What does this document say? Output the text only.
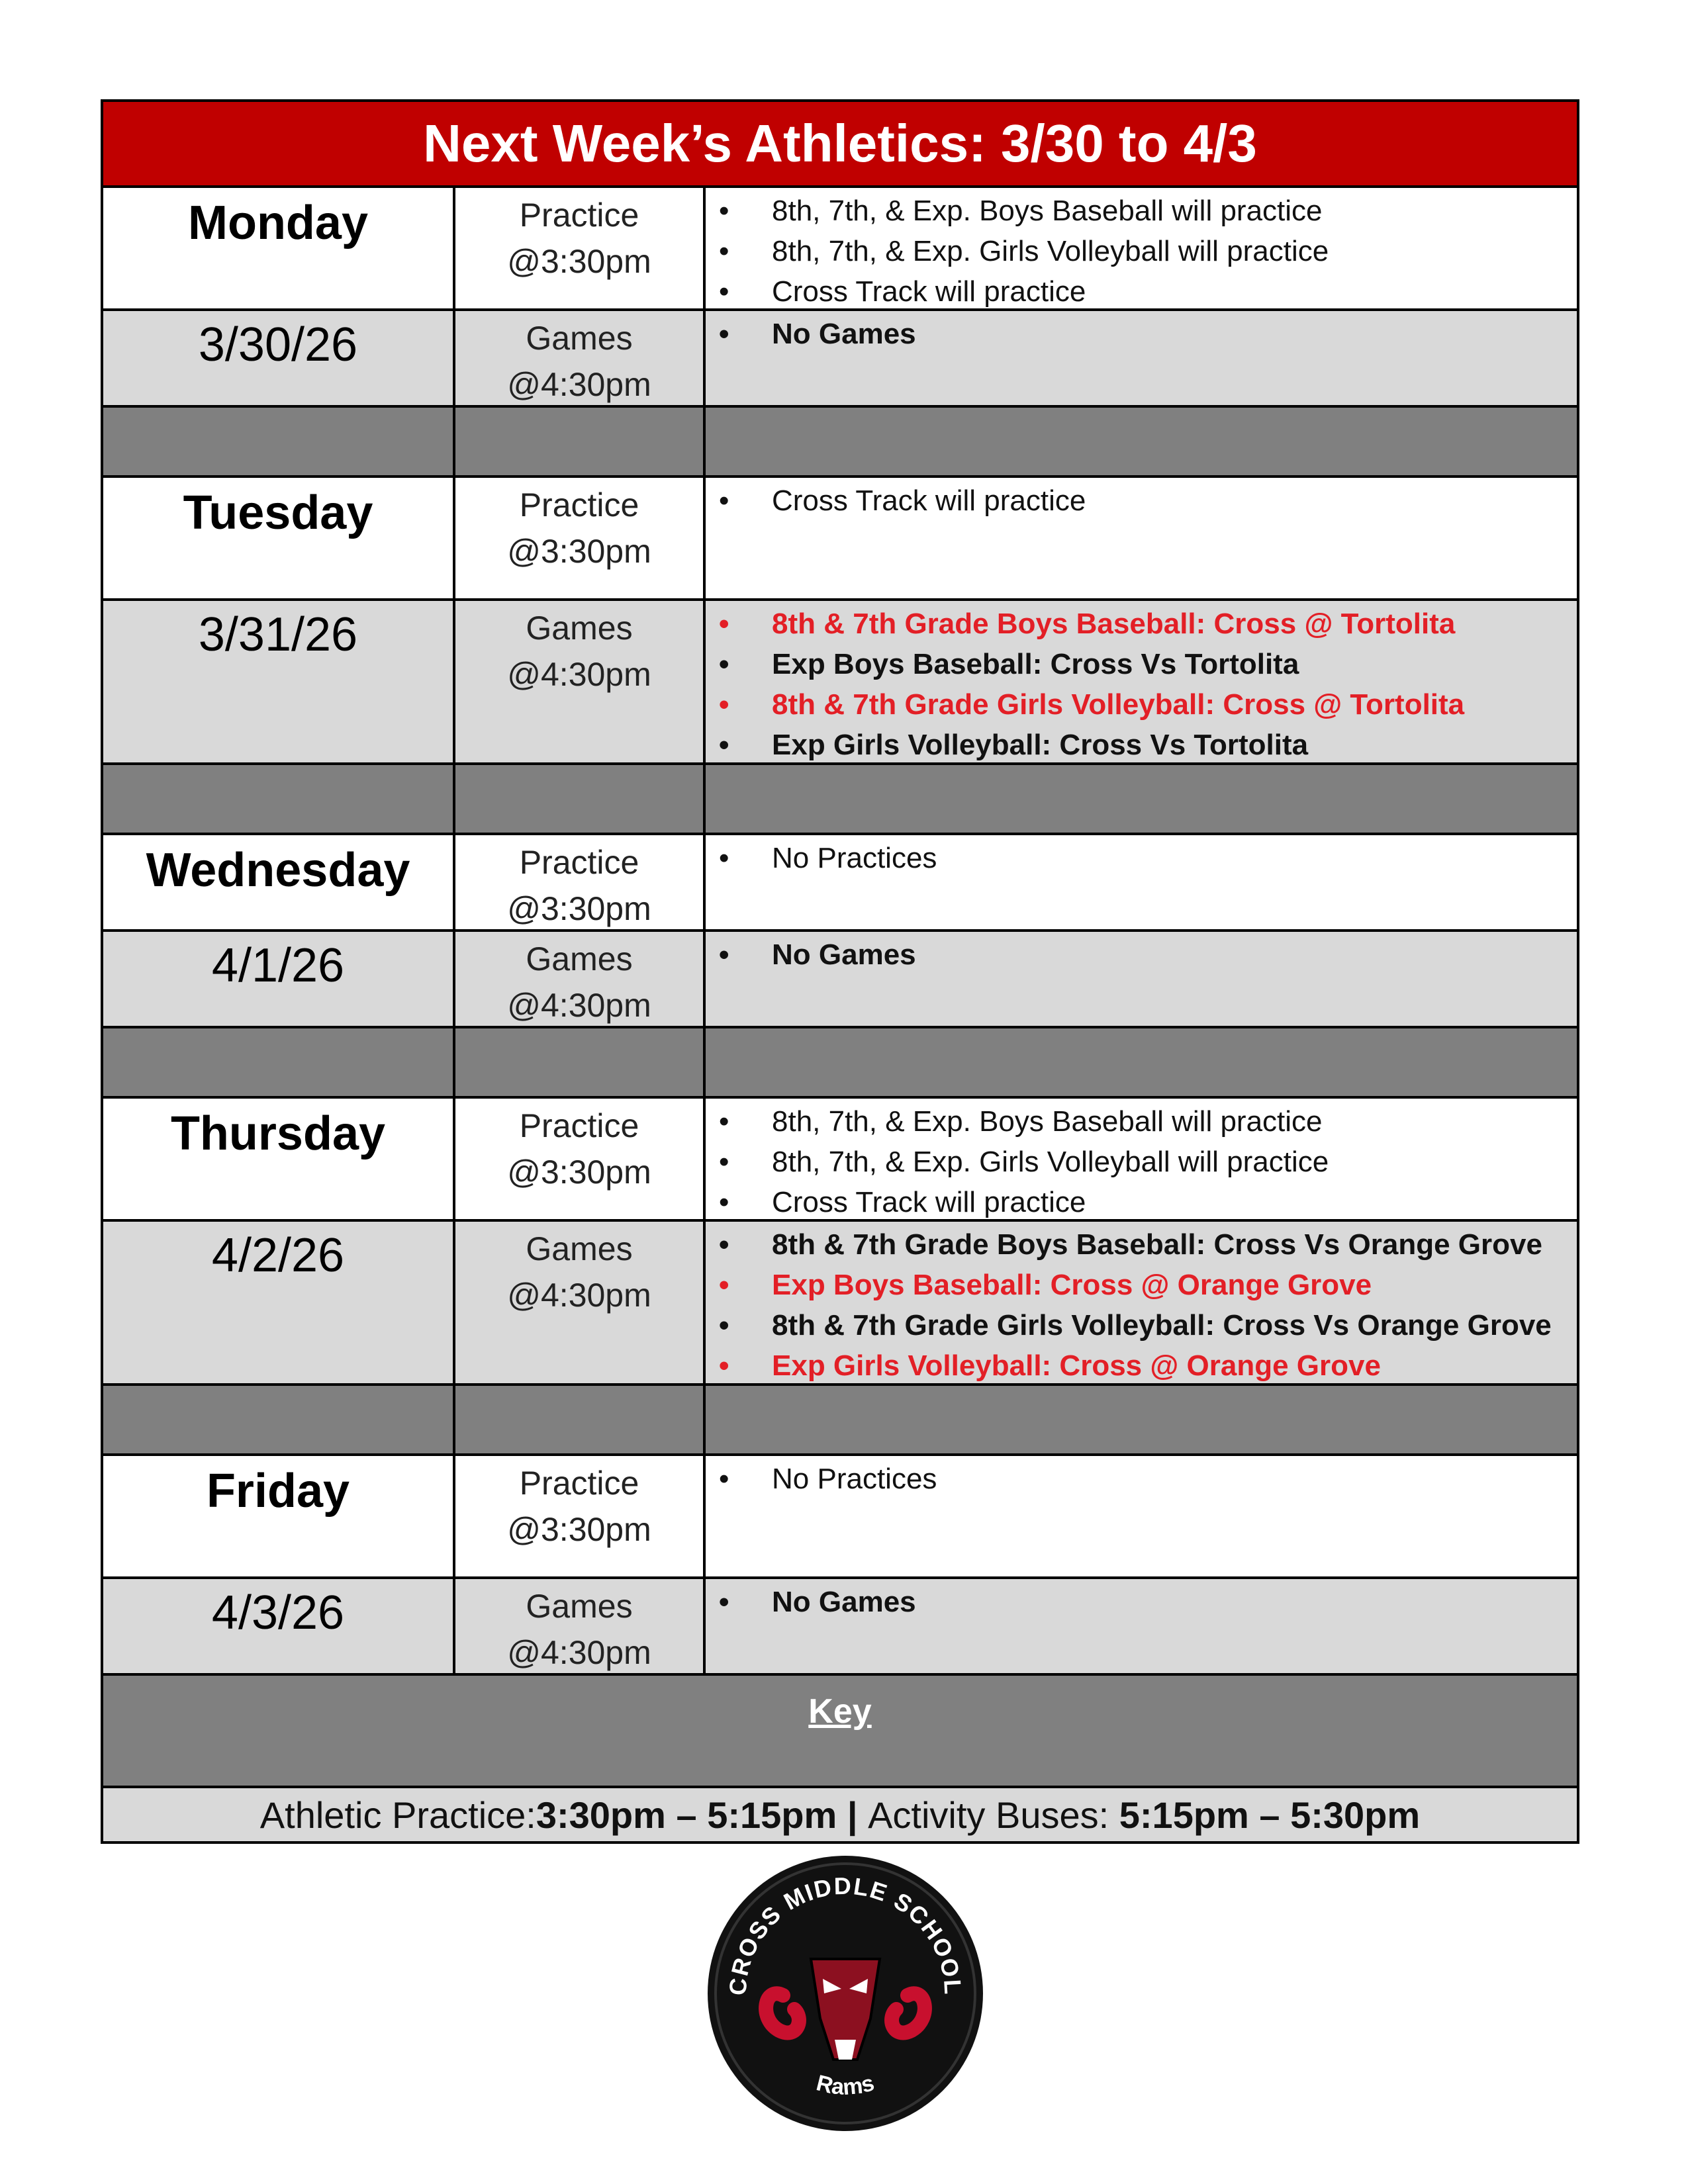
Next Week’s Athletics: 3/30 to 4/3
Monday	Practice
@3:30pm
• 8th, 7th, & Exp. Boys Baseball will practice
• 8th, 7th, & Exp. Girls Volleyball will practice
• Cross Track will practice
3/30/26	Games
@4:30pm
• No Games
Tuesday	Practice
@3:30pm
• Cross Track will practice
3/31/26	Games
@4:30pm
• 8th & 7th Grade Boys Baseball: Cross @ Tortolita
• Exp Boys Baseball: Cross Vs Tortolita
• 8th & 7th Grade Girls Volleyball: Cross @ Tortolita
• Exp Girls Volleyball: Cross Vs Tortolita
Wednesday	Practice
@3:30pm
• No Practices
4/1/26	Games
@4:30pm
• No Games
Thursday	Practice
@3:30pm
• 8th, 7th, & Exp. Boys Baseball will practice
• 8th, 7th, & Exp. Girls Volleyball will practice
• Cross Track will practice
4/2/26	Games
@4:30pm
• 8th & 7th Grade Boys Baseball: Cross Vs Orange Grove
• Exp Boys Baseball: Cross @ Orange Grove
• 8th & 7th Grade Girls Volleyball: Cross Vs Orange Grove
• Exp Girls Volleyball: Cross @ Orange Grove
Friday	Practice
@3:30pm
• No Practices
4/3/26	Games
@4:30pm
• No Games
Key
Athletic Practice: 3:30pm – 5:15pm | Activity Buses: 5:15pm – 5:30pm
CROSS MIDDLE SCHOOL
Rams
